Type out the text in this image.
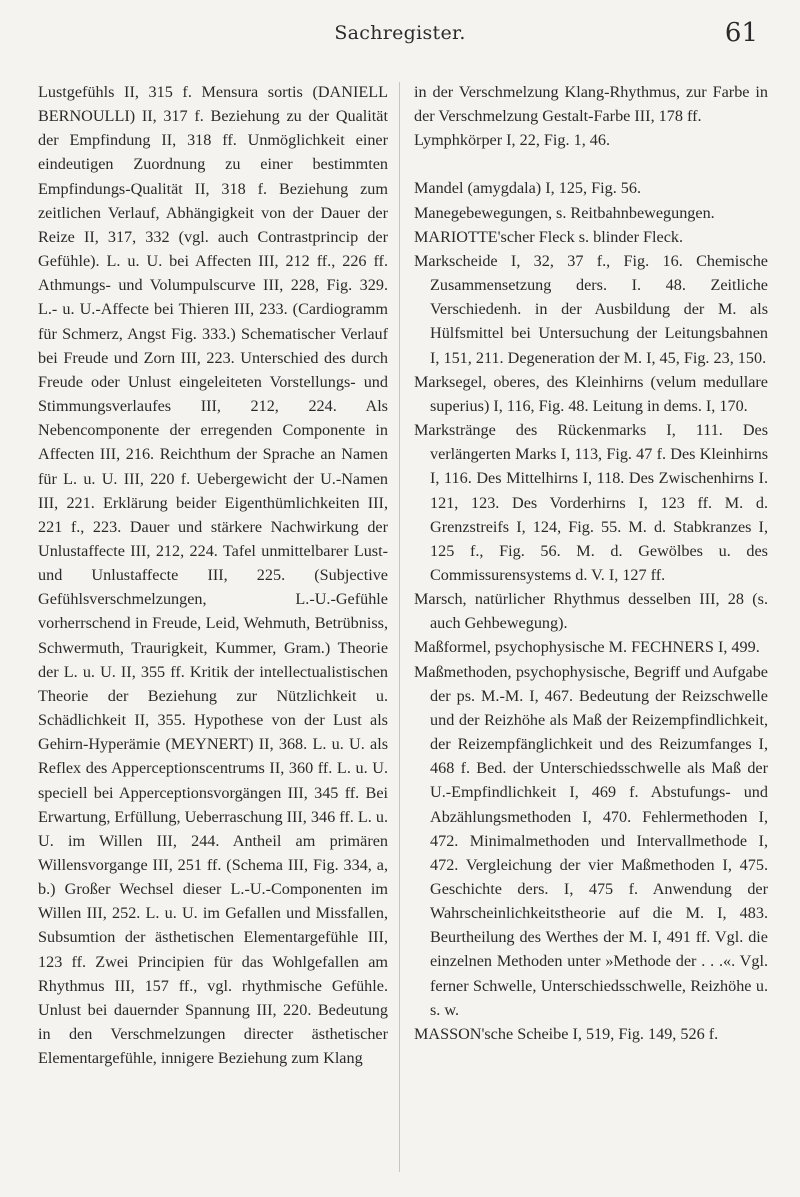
Sachregister.	61

Lustgefühls II, 315 f. Mensura sortis (DANIELL BERNOULLI) II, 317 f. Beziehung zu der Qualität der Empfindung II, 318 ff. Unmöglichkeit einer eindeutigen Zuordnung zu einer bestimmten Empfindungs-Qualität II, 318 f. Beziehung zum zeitlichen Verlauf, Abhängigkeit von der Dauer der Reize II, 317, 332 (vgl. auch Contrastprincip der Gefühle). L. u. U. bei Affecten III, 212 ff., 226 ff. Athmungs- und Volumpulscurve III, 228, Fig. 329. L.- u. U.-Affecte bei Thieren III, 233. (Cardiogramm für Schmerz, Angst Fig. 333.) Schematischer Verlauf bei Freude und Zorn III, 223. Unterschied des durch Freude oder Unlust eingeleiteten Vorstellungs- und Stimmungsverlaufes III, 212, 224. Als Nebencomponente der erregenden Componente in Affecten III, 216. Reichthum der Sprache an Namen für L. u. U. III, 220 f. Uebergewicht der U.-Namen III, 221. Erklärung beider Eigenthümlichkeiten III, 221 f., 223. Dauer und stärkere Nachwirkung der Unlustaffecte III, 212, 224. Tafel unmittelbarer Lust- und Unlustaffecte III, 225. (Subjective Gefühlsverschmelzungen, L.-U.-Gefühle vorherrschend in Freude, Leid, Wehmuth, Betrübniss, Schwermuth, Traurigkeit, Kummer, Gram.) Theorie der L. u. U. II, 355 ff. Kritik der intellectualistischen Theorie der Beziehung zur Nützlichkeit u. Schädlichkeit II, 355. Hypothese von der Lust als Gehirn-Hyperämie (MEYNERT) II, 368. L. u. U. als Reflex des Apperceptionscentrums II, 360 ff. L. u. U. speciell bei Apperceptionsvorgängen III, 345 ff. Bei Erwartung, Erfüllung, Ueberraschung III, 346 ff. L. u. U. im Willen III, 244. Antheil am primären Willensvorgange III, 251 ff. (Schema III, Fig. 334, a, b.) Großer Wechsel dieser L.-U.-Componenten im Willen III, 252. L. u. U. im Gefallen und Missfallen, Subsumtion der ästhetischen Elementargefühle III, 123 ff. Zwei Principien für das Wohlgefallen am Rhythmus III, 157 ff., vgl. rhythmische Gefühle. Unlust bei dauernder Spannung III, 220. Bedeutung in den Verschmelzungen directer ästhetischer Elementargefühle, innigere Beziehung zum Klang

in der Verschmelzung Klang-Rhythmus, zur Farbe in der Verschmelzung Gestalt-Farbe III, 178 ff.

Lymphkörper I, 22, Fig. 1, 46.

Mandel (amygdala) I, 125, Fig. 56.

Manegebewegungen, s. Reitbahnbewegungen.

MARIOTTE'scher Fleck s. blinder Fleck.

Markscheide I, 32, 37 f., Fig. 16. Chemische Zusammensetzung ders. I. 48. Zeitliche Verschiedenh. in der Ausbildung der M. als Hülfsmittel bei Untersuchung der Leitungsbahnen I, 151, 211. Degeneration der M. I, 45, Fig. 23, 150.

Marksegel, oberes, des Kleinhirns (velum medullare superius) I, 116, Fig. 48. Leitung in dems. I, 170.

Markstränge des Rückenmarks I, 111. Des verlängerten Marks I, 113, Fig. 47 f. Des Kleinhirns I, 116. Des Mittelhirns I, 118. Des Zwischenhirns I. 121, 123. Des Vorderhirns I, 123 ff. M. d. Grenzstreifs I, 124, Fig. 55. M. d. Stabkranzes I, 125 f., Fig. 56. M. d. Gewölbes u. des Commissurensystems d. V. I, 127 ff.

Marsch, natürlicher Rhythmus desselben III, 28 (s. auch Gehbewegung).

Maßformel, psychophysische M. FECHNERS I, 499.

Maßmethoden, psychophysische, Begriff und Aufgabe der ps. M.-M. I, 467. Bedeutung der Reizschwelle und der Reizhöhe als Maß der Reizempfindlichkeit, der Reizempfänglichkeit und des Reizumfanges I, 468 f. Bed. der Unterschiedsschwelle als Maß der U.-Empfindlichkeit I, 469 f. Abstufungs- und Abzählungsmethoden I, 470. Fehlermethoden I, 472. Minimalmethoden und Intervallmethode I, 472. Vergleichung der vier Maßmethoden I, 475. Geschichte ders. I, 475 f. Anwendung der Wahrscheinlichkeitstheorie auf die M. I, 483. Beurtheilung des Werthes der M. I, 491 ff. Vgl. die einzelnen Methoden unter »Methode der . . .«. Vgl. ferner Schwelle, Unterschiedsschwelle, Reizhöhe u. s. w.

MASSON'sche Scheibe I, 519, Fig. 149, 526 f.
